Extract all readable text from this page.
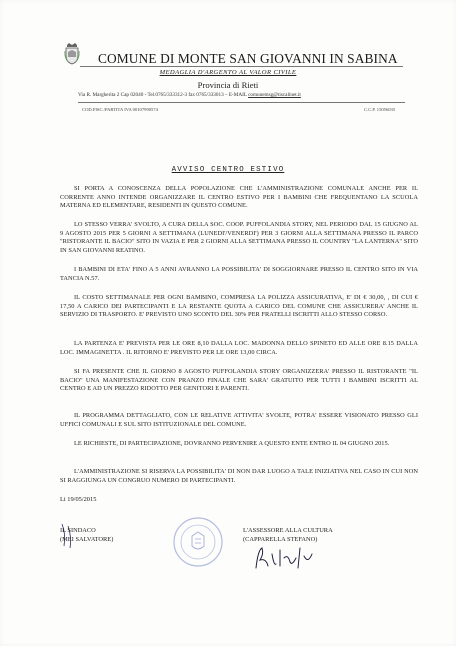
COMUNE DI MONTE SAN GIOVANNI IN SABINA
MEDAGLIA D'ARGENTO AL VALOR CIVILE
Provincia di Rieti
Via R. Margherita 2 Cap 02040 - Tel.0765/333312-3 fax 0765/333013 – E-MAIL comunemsg@tiscalinet.it
COD.FISC./PARTITA IVA 00107990574	C.C.P. 15056035
AVVISO CENTRO ESTIVO
SI PORTA A CONOSCENZA DELLA POPOLAZIONE CHE L'AMMINISTRAZIONE COMUNALE ANCHE PER IL CORRENTE ANNO INTENDE ORGANIZZARE IL CENTRO ESTIVO PER I BAMBINI CHE FREQUENTANO LA SCUOLA MATERNA ED ELEMENTARE, RESIDENTI IN QUESTO COMUNE.
LO STESSO VERRA' SVOLTO, A CURA DELLA SOC. COOP. PUFFOLANDIA STORY, NEL PERIODO DAL 15 GIUGNO AL 9 AGOSTO 2015 PER 5 GIORNI A SETTIMANA (LUNEDI'/VENERDI') PER 3 GIORNI ALLA SETTIMANA PRESSO IL PARCO "RISTORANTE IL BACIO" SITO IN VAZIA E PER 2 GIORNI ALLA SETTIMANA PRESSO IL COUNTRY "LA LANTERNA" SITO IN SAN GIOVANNI REATINO.
I BAMBINI DI ETA' FINO A 5 ANNI AVRANNO LA POSSIBILITA' DI SOGGIORNARE PRESSO IL CENTRO SITO IN VIA TANCIA N.57.
IL COSTO SETTIMANALE PER OGNI BAMBINO, COMPRESA LA POLIZZA ASSICURATIVA, E' DI € 30,00, , DI CUI € 17,50 A CARICO DEI PARTECIPANTI E LA RESTANTE QUOTA A CARICO DEL COMUNE CHE ASSICURERA' ANCHE IL SERVIZIO DI TRASPORTO. E' PREVISTO UNO SCONTO DEL 30% PER FRATELLI ISCRITTI ALLO STESSO CORSO.
LA PARTENZA E' PREVISTA PER LE ORE 8,10 DALLA LOC. MADONNA DELLO SPINETO ED ALLE ORE 8.15 DALLA LOC. IMMAGINETTA . IL RITORNO E' PREVISTO PER LE ORE 13,00 CIRCA.
SI FA PRESENTE CHE IL GIORNO 8 AGOSTO PUFFOLANDIA STORY ORGANIZZERA' PRESSO IL RISTORANTE "IL BACIO" UNA MANIFESTAZIONE CON PRANZO FINALE CHE SARA' GRATUITO PER TUTTI I BAMBINI ISCRITTI AL CENTRO E AD UN PREZZO RIDOTTO PER GENITORI E PARENTI.
IL PROGRAMMA DETTAGLIATO, CON LE RELATIVE ATTIVITA' SVOLTE, POTRA' ESSERE VISIONATO PRESSO GLI UFFICI COMUNALI E SUL SITO ISTITUZIONALE DEL COMUNE.
LE RICHIESTE, DI PARTECIPAZIONE, DOVRANNO PERVENIRE A QUESTO ENTE ENTRO IL 04 GIUGNO 2015.
L'AMMINISTRAZIONE SI RISERVA LA POSSIBILITA' DI NON DAR LUOGO A TALE INIZIATIVA NEL CASO IN CUI NON SI RAGGIUNGA UN CONGRUO NUMERO DI PARTECIPANTI.
Li 19/05/2015
IL SINDACO
(MEI SALVATORE)
L'ASSESSORE ALLA CULTURA
(CAPPARELLA STEFANO)
